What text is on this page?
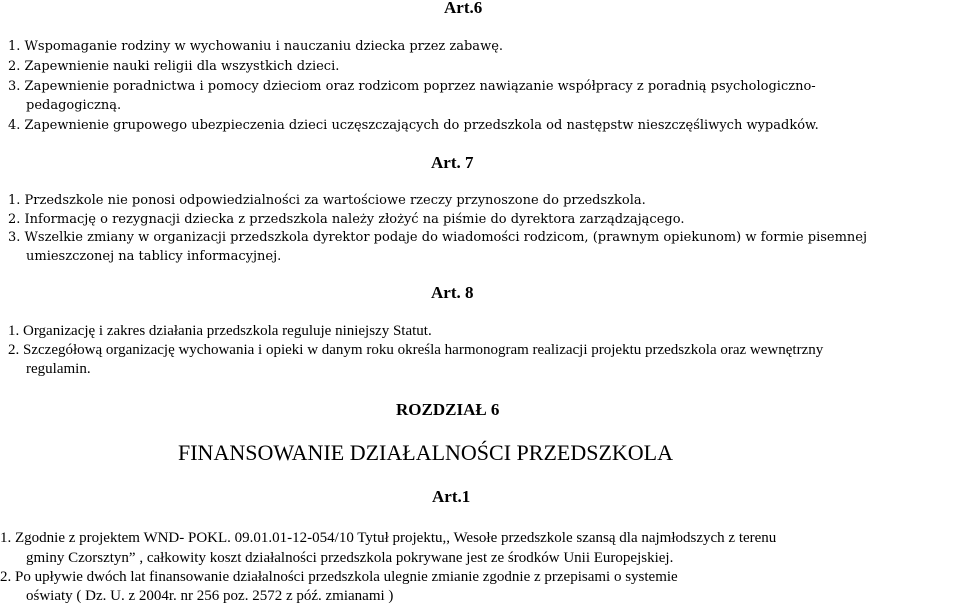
Art.6
1. Wspomaganie rodziny w wychowaniu i nauczaniu dziecka przez zabawę.
2. Zapewnienie nauki religii dla wszystkich dzieci.
3. Zapewnienie poradnictwa i pomocy dzieciom oraz rodzicom poprzez nawiązanie współpracy z poradnią psychologiczno-
pedagogiczną.
4. Zapewnienie grupowego ubezpieczenia dzieci uczęszczających do przedszkola od następstw nieszczęśliwych wypadków.
Art. 7
1. Przedszkole nie ponosi odpowiedzialności za wartościowe rzeczy przynoszone do przedszkola.
2. Informację o rezygnacji dziecka z przedszkola należy złożyć na piśmie do dyrektora zarządzającego.
3. Wszelkie zmiany w organizacji przedszkola dyrektor podaje do wiadomości rodzicom, (prawnym opiekunom) w formie pisemnej
umieszczonej na tablicy informacyjnej.
Art. 8
1. Organizację i zakres działania przedszkola reguluje niniejszy Statut.
2. Szczegółową organizację wychowania i opieki w danym roku określa harmonogram realizacji projektu przedszkola oraz wewnętrzny
regulamin.
ROZDZIAŁ 6
FINANSOWANIE DZIAŁALNOŚCI PRZEDSZKOLA
Art.1
1. Zgodnie z projektem WND- POKL. 09.01.01-12-054/10 Tytuł projektu,, Wesołe przedszkole szansą dla najmłodszych z terenu
gminy Czorsztyn” , całkowity koszt działalności przedszkola pokrywane jest ze środków Unii Europejskiej.
2. Po upływie dwóch lat finansowanie działalności przedszkola ulegnie zmianie zgodnie z przepisami o systemie
oświaty ( Dz. U. z 2004r. nr 256 poz. 2572 z póź. zmianami )
